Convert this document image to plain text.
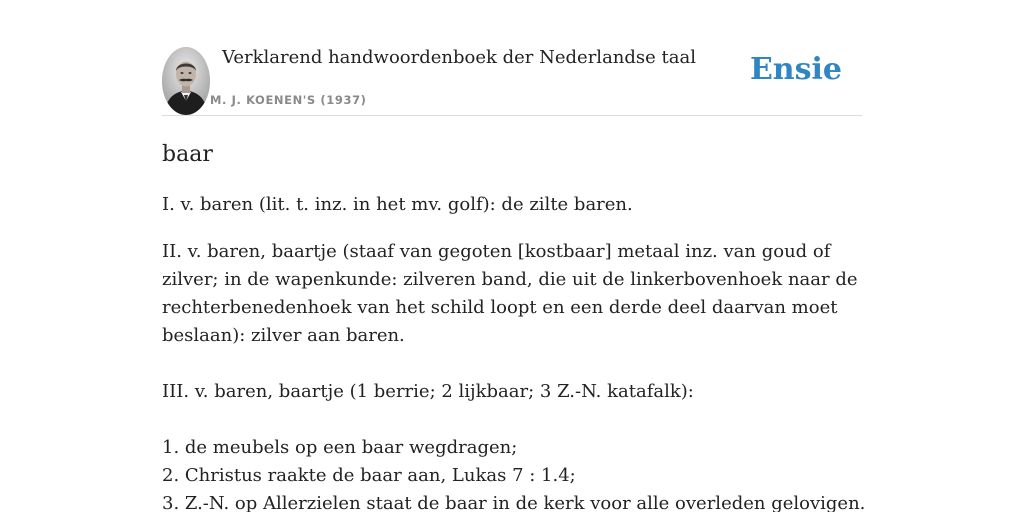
Verklarend handwoordenboek der Nederlandse taal
M. J. KOENEN'S (1937)
Ensie
baar

I. v. baren (lit. t. inz. in het mv. golf): de zilte baren.

II. v. baren, baartje (staaf van gegoten [kostbaar] metaal inz. van goud of zilver; in de wapenkunde: zilveren band, die uit de linkerbovenhoek naar de rechterbenedenhoek van het schild loopt en een derde deel daarvan moet beslaan): zilver aan baren.

III. v. baren, baartje (1 berrie; 2 lijkbaar; 3 Z.-N. katafalk):

1. de meubels op een baar wegdragen;
2. Christus raakte de baar aan, Lukas 7 : 1.4;
3. Z.-N. op Allerzielen staat de baar in de kerk voor alle overleden gelovigen.
